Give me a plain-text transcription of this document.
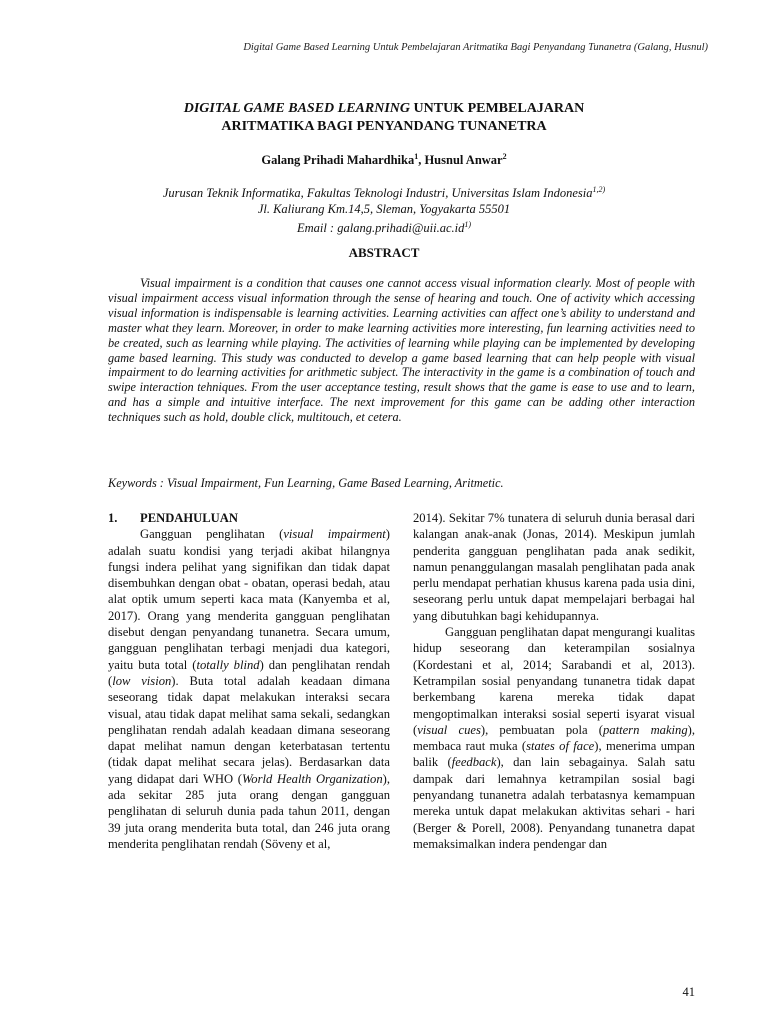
Digital Game Based Learning Untuk Pembelajaran Aritmatika Bagi Penyandang Tunanetra (Galang, Husnul)
DIGITAL GAME BASED LEARNING UNTUK PEMBELAJARAN
ARITMATIKA BAGI PENYANDANG TUNANETRA
Galang Prihadi Mahardhika$^1$, Husnul Anwar$^2$
Jurusan Teknik Informatika, Fakultas Teknologi Industri, Universitas Islam Indonesia$^{1,2)}$
Jl. Kaliurang Km.14,5, Sleman, Yogyakarta 55501
Email : $galang.prihadi@uii.ac.id^{1)}$
ABSTRACT

Visual impairment is a condition that causes one cannot access visual information clearly. Most of people with visual impairment access visual information through the sense of hearing and touch. One of activity which accessing visual information is indispensable is learning activities. Learning activities can affect one’s ability to understand and master what they learn. Moreover, in order to make learning activities more interesting, fun learning activities need to be created, such as learning while playing. The activities of learning while playing can be implemented by developing game based learning. This study was conducted to develop a game based learning that can help people with visual impairment to do learning activities for arithmetic subject. The interactivity in the game is a combination of touch and swipe interaction tehniques. From the user acceptance testing, result shows that the game is ease to use and to learn, and has a simple and intuitive interface. The next improvement for this game can be adding other interaction techniques such as hold, double click, multitouch, et cetera.

Keywords : Visual Impairment, Fun Learning, Game Based Learning, Aritmetic.

1. PENDAHULUAN

Gangguan penglihatan (visual impairment) adalah suatu kondisi yang terjadi akibat hilangnya fungsi indera pelihat yang signifikan dan tidak dapat disembuhkan dengan obat - obatan, operasi bedah, atau alat optik umum seperti kaca mata (Kanyemba et al, 2017). Orang yang menderita gangguan penglihatan disebut dengan penyandang tunanetra. Secara umum, gangguan penglihatan terbagi menjadi dua kategori, yaitu buta total (totally blind) dan penglihatan rendah (low vision). Buta total adalah keadaan dimana seseorang tidak dapat melakukan interaksi secara visual, atau tidak dapat melihat sama sekali, sedangkan penglihatan rendah adalah keadaan dimana seseorang dapat melihat namun dengan keterbatasan tertentu (tidak dapat melihat secara jelas). Berdasarkan data yang didapat dari WHO (World Health Organization), ada sekitar 285 juta orang dengan gangguan penglihatan di seluruh dunia pada tahun 2011, dengan 39 juta orang menderita buta total, dan 246 juta orang menderita penglihatan rendah (Söveny et al,

2014). Sekitar 7% tunatera di seluruh dunia berasal dari kalangan anak-anak (Jonas, 2014). Meskipun jumlah penderita gangguan penglihatan pada anak sedikit, namun penanggulangan masalah penglihatan pada anak perlu mendapat perhatian khusus karena pada usia dini, seseorang perlu untuk dapat mempelajari berbagai hal yang dibutuhkan bagi kehidupannya.

Gangguan penglihatan dapat mengurangi kualitas hidup seseorang dan keterampilan sosialnya (Kordestani et al, 2014; Sarabandi et al, 2013). Ketrampilan sosial penyandang tunanetra tidak dapat berkembang karena mereka tidak dapat mengoptimalkan interaksi sosial seperti isyarat visual (visual cues), pembuatan pola (pattern making), membaca raut muka (states of face), menerima umpan balik (feedback), dan lain sebagainya. Salah satu dampak dari lemahnya ketrampilan sosial bagi penyandang tunanetra adalah terbatasnya kemampuan mereka untuk dapat melakukan aktivitas sehari - hari (Berger & Porell, 2008). Penyandang tunanetra dapat memaksimalkan indera pendengar dan

41
